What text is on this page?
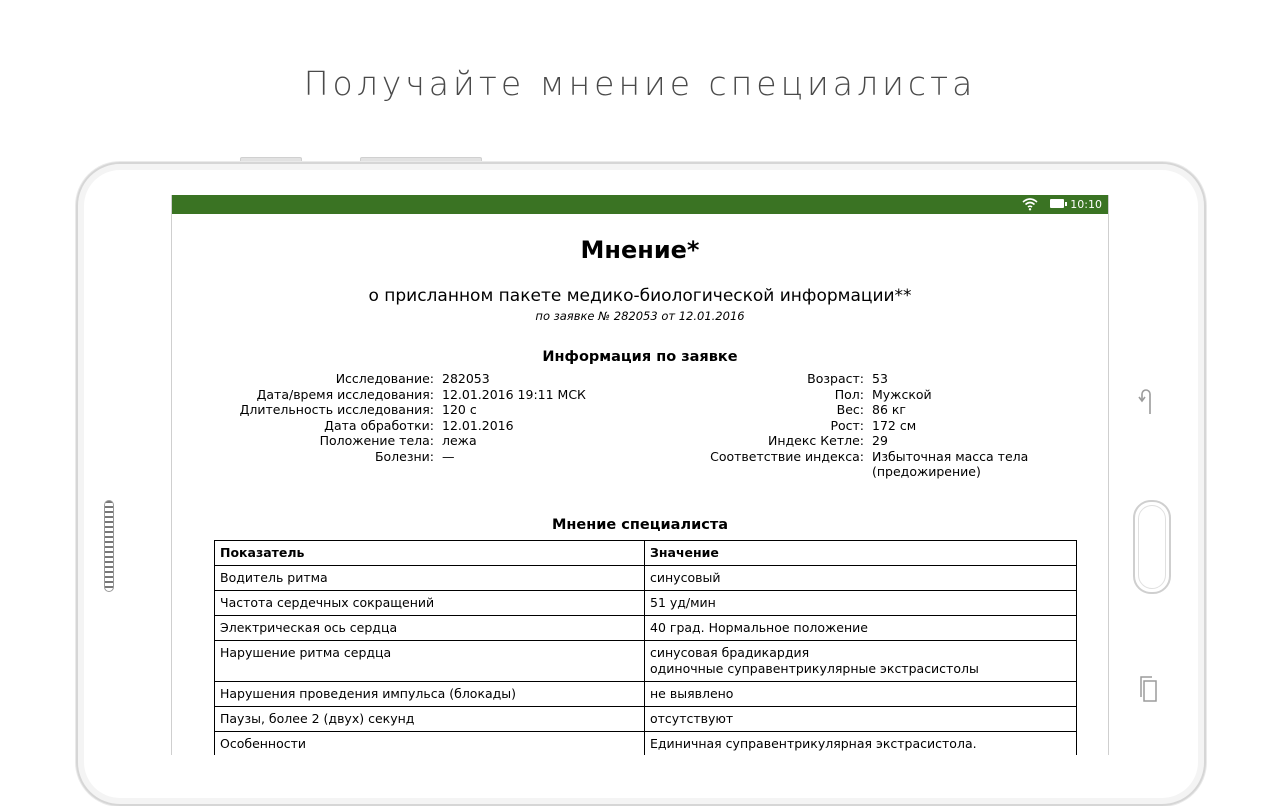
Получайте мнение специалиста
10:10
Мнение*
о присланном пакете медико-биологической информации**
по заявке № 282053 от 12.01.2016
Информация по заявке
Исследование: 282053
Дата/время исследования: 12.01.2016 19:11 МСК
Длительность исследования: 120 с
Дата обработки: 12.01.2016
Положение тела: лежа
Болезни: —
Возраст: 53
Пол: Мужской
Вес: 86 кг
Рост: 172 см
Индекс Кетле: 29
Соответствие индекса: Избыточная масса тела
(предожирение)
Мнение специалиста
Показатель	Значение
Водитель ритма	синусовый
Частота сердечных сокращений	51 уд/мин
Электрическая ось сердца	40 град. Нормальное положение
Нарушение ритма сердца	синусовая брадикардия
одиночные суправентрикулярные экстрасистолы
Нарушения проведения импульса (блокады)	не выявлено
Паузы, более 2 (двух) секунд	отсутствуют
Особенности	Единичная суправентрикулярная экстрасистола.
